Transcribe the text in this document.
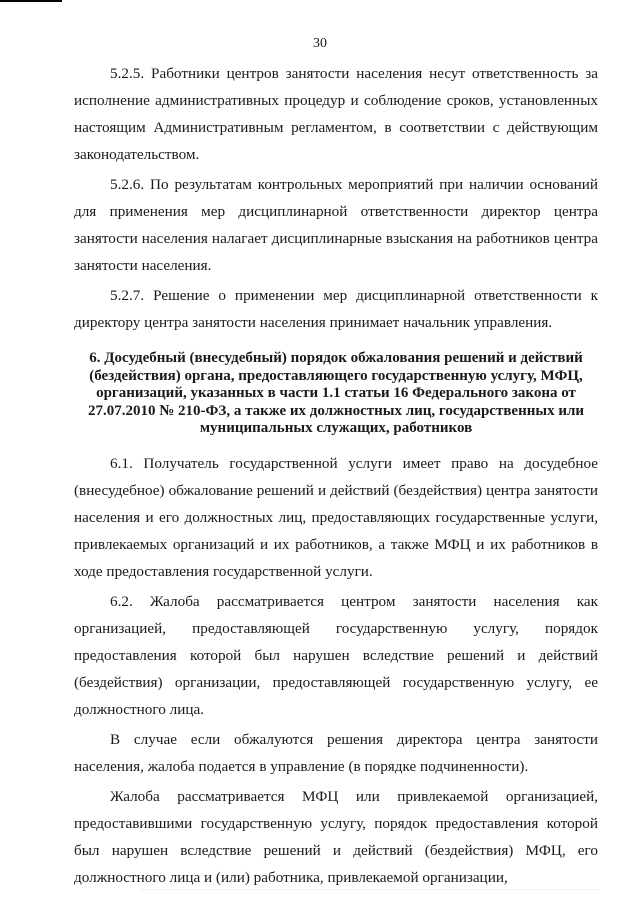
30

5.2.5. Работники центров занятости населения несут ответственность за исполнение административных процедур и соблюдение сроков, установленных настоящим Административным регламентом, в соответствии с действующим законодательством.

5.2.6. По результатам контрольных мероприятий при наличии оснований для применения мер дисциплинарной ответственности директор центра занятости населения налагает дисциплинарные взыскания на работников центра занятости населения.

5.2.7. Решение о применении мер дисциплинарной ответственности к директору центра занятости населения принимает начальник управления.

6. Досудебный (внесудебный) порядок обжалования решений и действий (бездействия) органа, предоставляющего государственную услугу, МФЦ, организаций, указанных в части 1.1 статьи 16 Федерального закона от 27.07.2010 № 210-ФЗ, а также их должностных лиц, государственных или муниципальных служащих, работников

6.1. Получатель государственной услуги имеет право на досудебное (внесудебное) обжалование решений и действий (бездействия) центра занятости населения и его должностных лиц, предоставляющих государственные услуги, привлекаемых организаций и их работников, а также МФЦ и их работников в ходе предоставления государственной услуги.

6.2. Жалоба рассматривается центром занятости населения как организацией, предоставляющей государственную услугу, порядок предоставления которой был нарушен вследствие решений и действий (бездействия) организации, предоставляющей государственную услугу, ее должностного лица.

В случае если обжалуются решения директора центра занятости населения, жалоба подается в управление (в порядке подчиненности).

Жалоба рассматривается МФЦ или привлекаемой организацией, предоставившими государственную услугу, порядок предоставления которой был нарушен вследствие решений и действий (бездействия) МФЦ, его должностного лица и (или) работника, привлекаемой организации,
